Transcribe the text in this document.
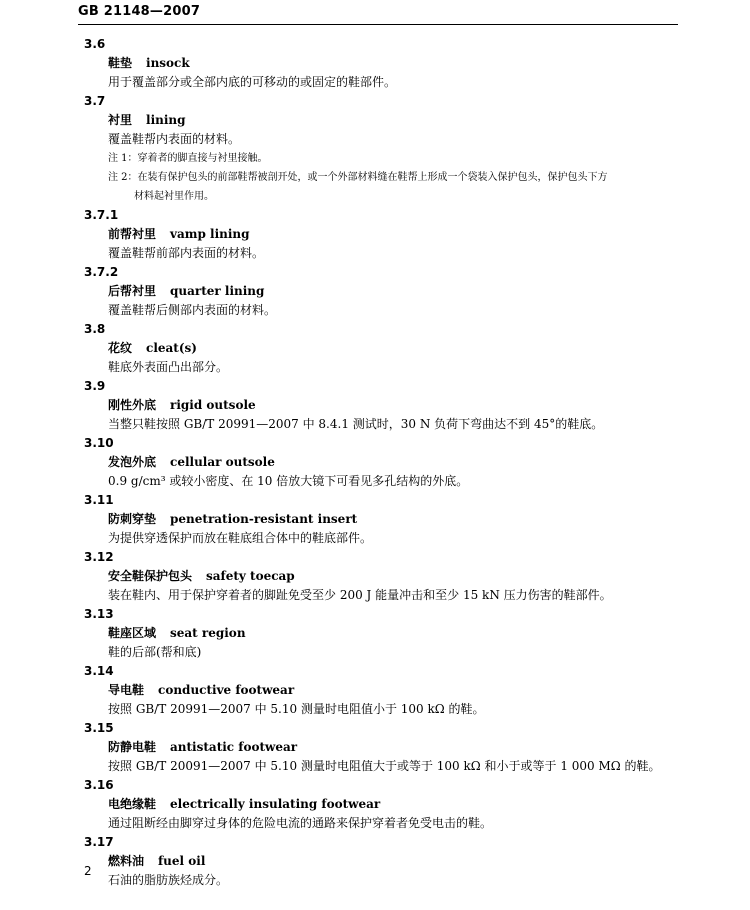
GB 21148—2007
3.6
鞋垫 insock
用于覆盖部分或全部内底的可移动的或固定的鞋部件。
3.7
衬里 lining
覆盖鞋帮内表面的材料。
注 1：穿着者的脚直接与衬里接触。
注 2：在装有保护包头的前部鞋帮被剖开处，或一个外部材料缝在鞋帮上形成一个袋装入保护包头，保护包头下方
材料起衬里作用。
3.7.1
前帮衬里 vamp lining
覆盖鞋帮前部内表面的材料。
3.7.2
后帮衬里 quarter lining
覆盖鞋帮后侧部内表面的材料。
3.8
花纹 cleat(s)
鞋底外表面凸出部分。
3.9
刚性外底 rigid outsole
当整只鞋按照 GB/T 20991—2007 中 8.4.1 测试时，30 N 负荷下弯曲达不到 45°的鞋底。
3.10
发泡外底 cellular outsole
0.9 g/cm³ 或较小密度、在 10 倍放大镜下可看见多孔结构的外底。
3.11
防刺穿垫 penetration-resistant insert
为提供穿透保护而放在鞋底组合体中的鞋底部件。
3.12
安全鞋保护包头 safety toecap
装在鞋内、用于保护穿着者的脚趾免受至少 200 J 能量冲击和至少 15 kN 压力伤害的鞋部件。
3.13
鞋座区域 seat region
鞋的后部(帮和底)
3.14
导电鞋 conductive footwear
按照 GB/T 20991—2007 中 5.10 测量时电阻值小于 100 kΩ 的鞋。
3.15
防静电鞋 antistatic footwear
按照 GB/T 20091—2007 中 5.10 测量时电阻值大于或等于 100 kΩ 和小于或等于 1 000 MΩ 的鞋。
3.16
电绝缘鞋 electrically insulating footwear
通过阻断经由脚穿过身体的危险电流的通路来保护穿着者免受电击的鞋。
3.17
燃料油 fuel oil
石油的脂肪族烃成分。
2
